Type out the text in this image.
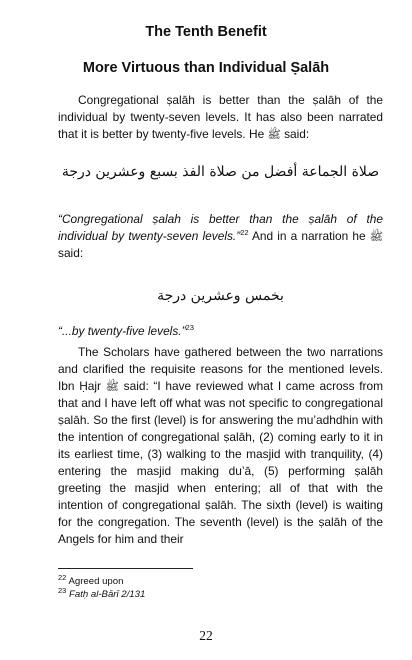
The Tenth Benefit
More Virtuous than Individual Ṣalāh
Congregational ṣalāh is better than the ṣalāh of the individual by twenty-seven levels. It has also been narrated that it is better by twenty-five levels. He ﷺ said:
صلاة الجماعة أفضل من صلاة الفذ بسبع وعشرين درجة
“Congregational ṣalah is better than the ṣalāh of the individual by twenty-seven levels.”$^{22}$ And in a narration he ﷺ said:
بخمس وعشرين درجة
“...by twenty-five levels.”$^{23}$
The Scholars have gathered between the two narrations and clarified the requisite reasons for the mentioned levels. Ibn Ḥajr ﷺ said: “I have reviewed what I came across from that and I have left off what was not specific to congregational ṣalāh. So the first (level) is for answering the mu’adhdhin with the intention of congregational ṣalāh, (2) coming early to it in its earliest time, (3) walking to the masjid with tranquility, (4) entering the masjid making du’ā, (5) performing ṣalāh greeting the masjid when entering; all of that with the intention of congregational ṣalāh. The sixth (level) is waiting for the congregation. The seventh (level) is the ṣalāh of the Angels for him and their
$^{22}$ Agreed upon
$^{23}$ Fatḥ al-Bārī 2/131
22
